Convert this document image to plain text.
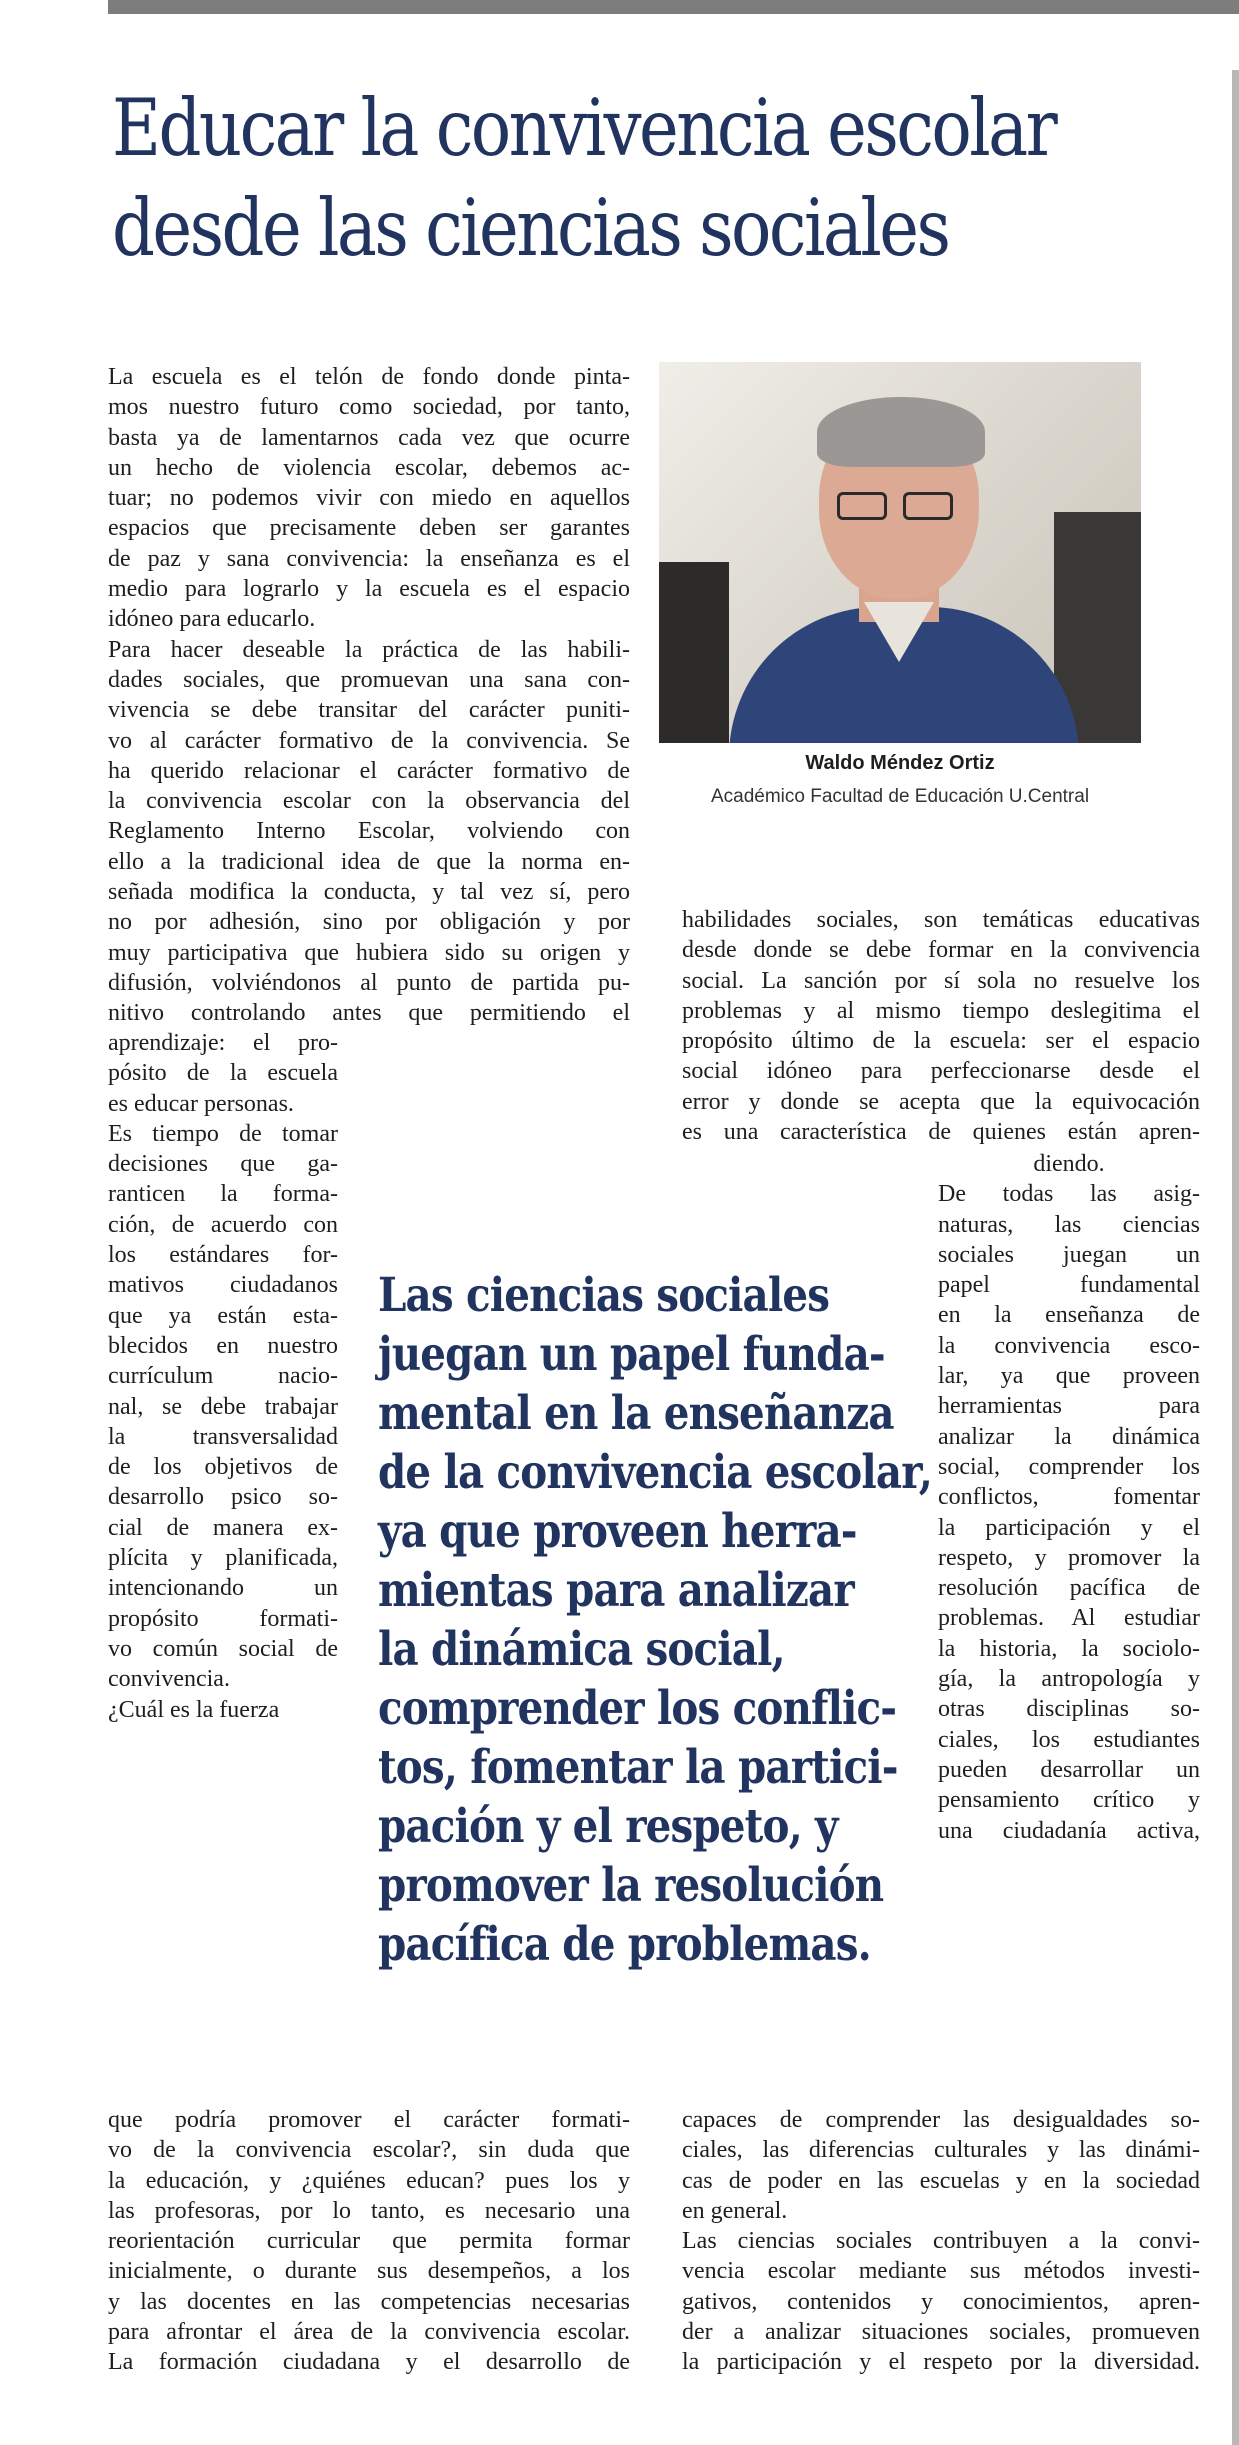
Educar la convivencia escolar
desde las ciencias sociales
La escuela es el telón de fondo donde pinta-
mos nuestro futuro como sociedad, por tanto,
basta ya de lamentarnos cada vez que ocurre
un hecho de violencia escolar, debemos ac-
tuar; no podemos vivir con miedo en aquellos
espacios que precisamente deben ser garantes
de paz y sana convivencia: la enseñanza es el
medio para lograrlo y la escuela es el espacio
idóneo para educarlo.
Para hacer deseable la práctica de las habili-
dades sociales, que promuevan una sana con-
vivencia se debe transitar del carácter puniti-
vo al carácter formativo de la convivencia. Se
ha querido relacionar el carácter formativo de
la convivencia escolar con la observancia del
Reglamento Interno Escolar, volviendo con
ello a la tradicional idea de que la norma en-
señada modifica la conducta, y tal vez sí, pero
no por adhesión, sino por obligación y por
muy participativa que hubiera sido su origen y
difusión, volviéndonos al punto de partida pu-
nitivo controlando antes que permitiendo el
aprendizaje: el pro-
pósito de la escuela
es educar personas.
Es tiempo de tomar
decisiones que ga-
ranticen la forma-
ción, de acuerdo con
los estándares for-
mativos ciudadanos
que ya están esta-
blecidos en nuestro
currículum nacio-
nal, se debe trabajar
la transversalidad
de los objetivos de
desarrollo psico so-
cial de manera ex-
plícita y planificada,
intencionando un
propósito formati-
vo común social de
convivencia.
¿Cuál es la fuerza
que podría promover el carácter formati-
vo de la convivencia escolar?, sin duda que
la educación, y ¿quiénes educan? pues los y
las profesoras, por lo tanto, es necesario una
reorientación curricular que permita formar
inicialmente, o durante sus desempeños, a los
y las docentes en las competencias necesarias
para afrontar el área de la convivencia escolar.
La formación ciudadana y el desarrollo de
Waldo Méndez Ortiz
Académico Facultad de Educación U.Central
habilidades sociales, son temáticas educativas
desde donde se debe formar en la convivencia
social. La sanción por sí sola no resuelve los
problemas y al mismo tiempo deslegitima el
propósito último de la escuela: ser el espacio
social idóneo para perfeccionarse desde el
error y donde se acepta que la equivocación
es una característica de quienes están apren-
diendo.
De todas las asig-
naturas, las ciencias
sociales juegan un
papel fundamental
en la enseñanza de
la convivencia esco-
lar, ya que proveen
herramientas para
analizar la dinámica
social, comprender los
conflictos, fomentar
la participación y el
respeto, y promover la
resolución pacífica de
problemas. Al estudiar
la historia, la sociolo-
gía, la antropología y
otras disciplinas so-
ciales, los estudiantes
pueden desarrollar un
pensamiento crítico y
una ciudadanía activa,
capaces de comprender las desigualdades so-
ciales, las diferencias culturales y las dinámi-
cas de poder en las escuelas y en la sociedad
en general.
Las ciencias sociales contribuyen a la convi-
vencia escolar mediante sus métodos investi-
gativos, contenidos y conocimientos, apren-
der a analizar situaciones sociales, promueven
la participación y el respeto por la diversidad.
Las ciencias sociales
juegan un papel funda-
mental en la enseñanza
de la convivencia escolar,
ya que proveen herra-
mientas para analizar
la dinámica social,
comprender los conflic-
tos, fomentar la partici-
pación y el respeto, y
promover la resolución
pacífica de problemas.
